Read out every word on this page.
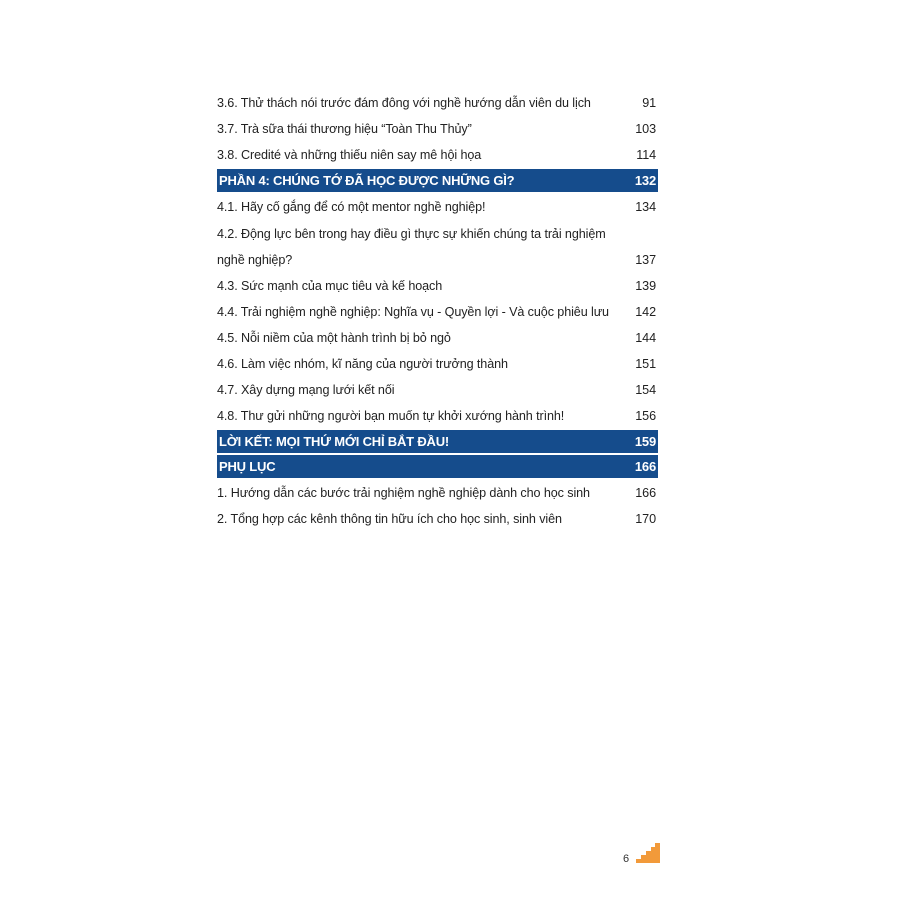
3.6. Thử thách nói trước đám đông với nghề hướng dẫn viên du lịch	91
3.7. Trà sữa thái thương hiệu “Toàn Thu Thủy”	103
3.8. Credité và những thiếu niên say mê hội họa	114
PHẦN 4: CHÚNG TỚ ĐÃ HỌC ĐƯỢC NHỮNG GÌ?	132
4.1. Hãy cố gắng để có một mentor nghề nghiệp!	134
4.2. Động lực bên trong hay điều gì thực sự khiến chúng ta trải nghiệm
nghề nghiệp?	137
4.3. Sức mạnh của mục tiêu và kế hoạch	139
4.4. Trải nghiệm nghề nghiệp: Nghĩa vụ - Quyền lợi - Và cuộc phiêu lưu 142
4.5. Nỗi niềm của một hành trình bị bỏ ngỏ	144
4.6. Làm việc nhóm, kĩ năng của người trưởng thành	151
4.7. Xây dựng mạng lưới kết nối	154
4.8. Thư gửi những người bạn muốn tự khởi xướng hành trình!	156
LỜI KẾT: MỌI THỨ MỚI CHỈ BẮT ĐẦU!	159
PHỤ LỤC	166
1. Hướng dẫn các bước trải nghiệm nghề nghiệp dành cho học sinh	166
2. Tổng hợp các kênh thông tin hữu ích cho học sinh, sinh viên	170
6
